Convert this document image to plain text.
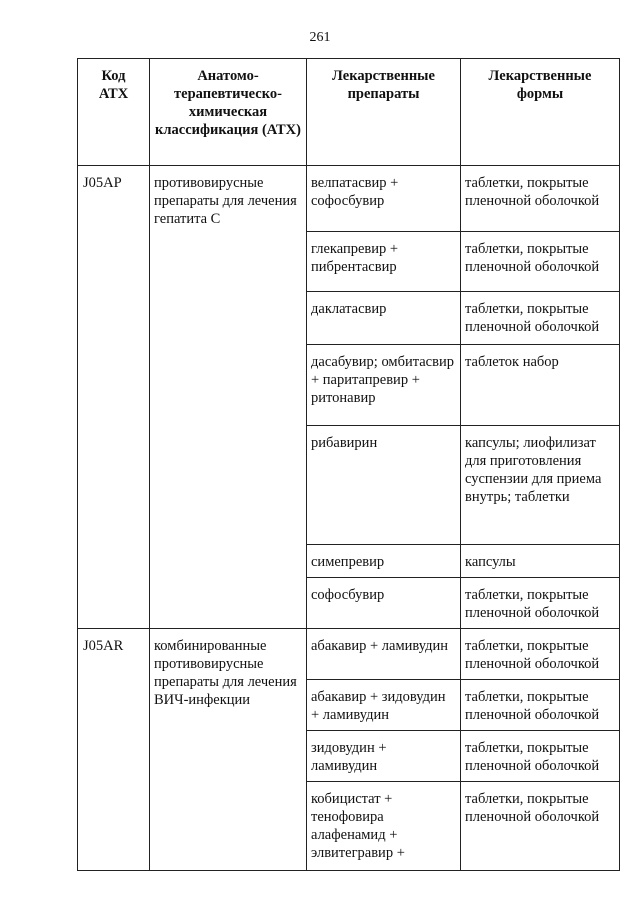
261
Код АТХ	Анатомо-терапевтическо-химическая классификация (АТХ)	Лекарственные препараты	Лекарственные формы
J05AP	противовирусные препараты для лечения гепатита С	велпатасвир + софосбувир	таблетки, покрытые пленочной оболочкой
		глекапревир + пибрентасвир	таблетки, покрытые пленочной оболочкой
		даклатасвир	таблетки, покрытые пленочной оболочкой
		дасабувир; омбитасвир + паритапревир + ритонавир	таблеток набор
		рибавирин	капсулы; лиофилизат для приготовления суспензии для приема внутрь; таблетки
		симепревир	капсулы
		софосбувир	таблетки, покрытые пленочной оболочкой
J05AR	комбинированные противовирусные препараты для лечения ВИЧ-инфекции	абакавир + ламивудин	таблетки, покрытые пленочной оболочкой
		абакавир + зидовудин + ламивудин	таблетки, покрытые пленочной оболочкой
		зидовудин + ламивудин	таблетки, покрытые пленочной оболочкой
		кобицистат + тенофовира алафенамид + элвитегравир +	таблетки, покрытые пленочной оболочкой
